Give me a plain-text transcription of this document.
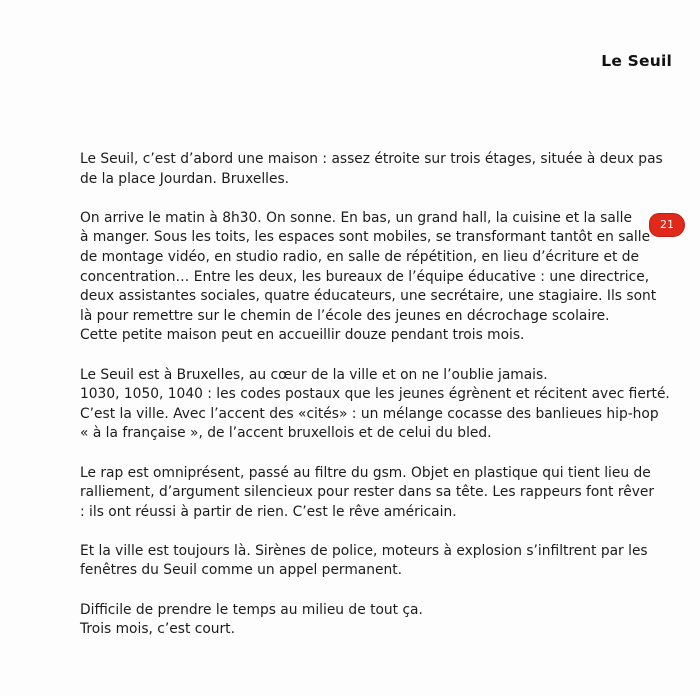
Le Seuil
21

Le Seuil, c’est d’abord une maison : assez étroite sur trois étages, située à deux pas
de la place Jourdan. Bruxelles.

On arrive le matin à 8h30. On sonne. En bas, un grand hall, la cuisine et la salle
à manger. Sous les toits, les espaces sont mobiles, se transformant tantôt en salle
de montage vidéo, en studio radio, en salle de répétition, en lieu d’écriture et de
concentration… Entre les deux, les bureaux de l’équipe éducative : une directrice,
deux assistantes sociales, quatre éducateurs, une secrétaire, une stagiaire. Ils sont
là pour remettre sur le chemin de l’école des jeunes en décrochage scolaire.
Cette petite maison peut en accueillir douze pendant trois mois.

Le Seuil est à Bruxelles, au cœur de la ville et on ne l’oublie jamais.
1030, 1050, 1040 : les codes postaux que les jeunes égrènent et récitent avec fierté.
C’est la ville. Avec l’accent des «cités» : un mélange cocasse des banlieues hip-hop
« à la française », de l’accent bruxellois et de celui du bled.

Le rap est omniprésent, passé au filtre du gsm. Objet en plastique qui tient lieu de
ralliement, d’argument silencieux pour rester dans sa tête. Les rappeurs font rêver
: ils ont réussi à partir de rien. C’est le rêve américain.

Et la ville est toujours là. Sirènes de police, moteurs à explosion s’infiltrent par les
fenêtres du Seuil comme un appel permanent.

Difficile de prendre le temps au milieu de tout ça.
Trois mois, c’est court.
